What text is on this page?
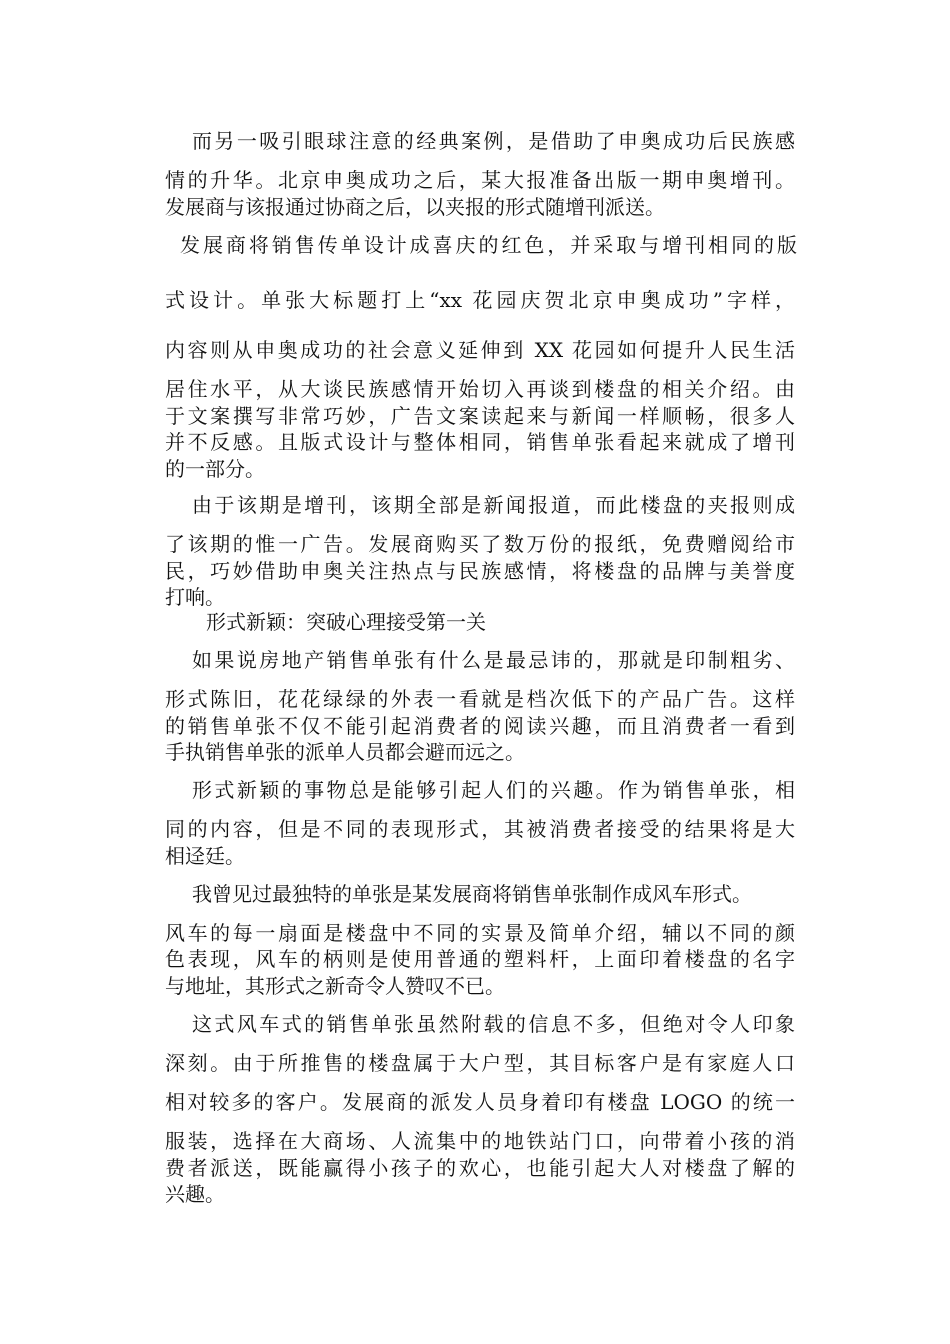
而另一吸引眼球注意的经典案例，是借助了申奥成功后民族感
情的升华。北京申奥成功之后，某大报准备出版一期申奥增刊。
发展商与该报通过协商之后，以夹报的形式随增刊派送。
发展商将销售传单设计成喜庆的红色，并采取与增刊相同的版
式设计。单张大标题打上“xx 花园庆贺北京申奥成功”字样，
内容则从申奥成功的社会意义延伸到 XX 花园如何提升人民生活
居住水平，从大谈民族感情开始切入再谈到楼盘的相关介绍。由
于文案撰写非常巧妙，广告文案读起来与新闻一样顺畅，很多人
并不反感。且版式设计与整体相同，销售单张看起来就成了增刊
的一部分。
由于该期是增刊，该期全部是新闻报道，而此楼盘的夹报则成
了该期的惟一广告。发展商购买了数万份的报纸，免费赠阅给市
民，巧妙借助申奥关注热点与民族感情，将楼盘的品牌与美誉度
打响。
形式新颖：突破心理接受第一关
如果说房地产销售单张有什么是最忌讳的，那就是印制粗劣、
形式陈旧，花花绿绿的外表一看就是档次低下的产品广告。这样
的销售单张不仅不能引起消费者的阅读兴趣，而且消费者一看到
手执销售单张的派单人员都会避而远之。
形式新颖的事物总是能够引起人们的兴趣。作为销售单张，相
同的内容，但是不同的表现形式，其被消费者接受的结果将是大
相迳廷。
我曾见过最独特的单张是某发展商将销售单张制作成风车形式。
风车的每一扇面是楼盘中不同的实景及简单介绍，辅以不同的颜
色表现，风车的柄则是使用普通的塑料杆，上面印着楼盘的名字
与地址，其形式之新奇令人赞叹不已。
这式风车式的销售单张虽然附载的信息不多，但绝对令人印象
深刻。由于所推售的楼盘属于大户型，其目标客户是有家庭人口
相对较多的客户。发展商的派发人员身着印有楼盘 LOGO 的统一
服装，选择在大商场、人流集中的地铁站门口，向带着小孩的消
费者派送，既能赢得小孩子的欢心，也能引起大人对楼盘了解的
兴趣。
